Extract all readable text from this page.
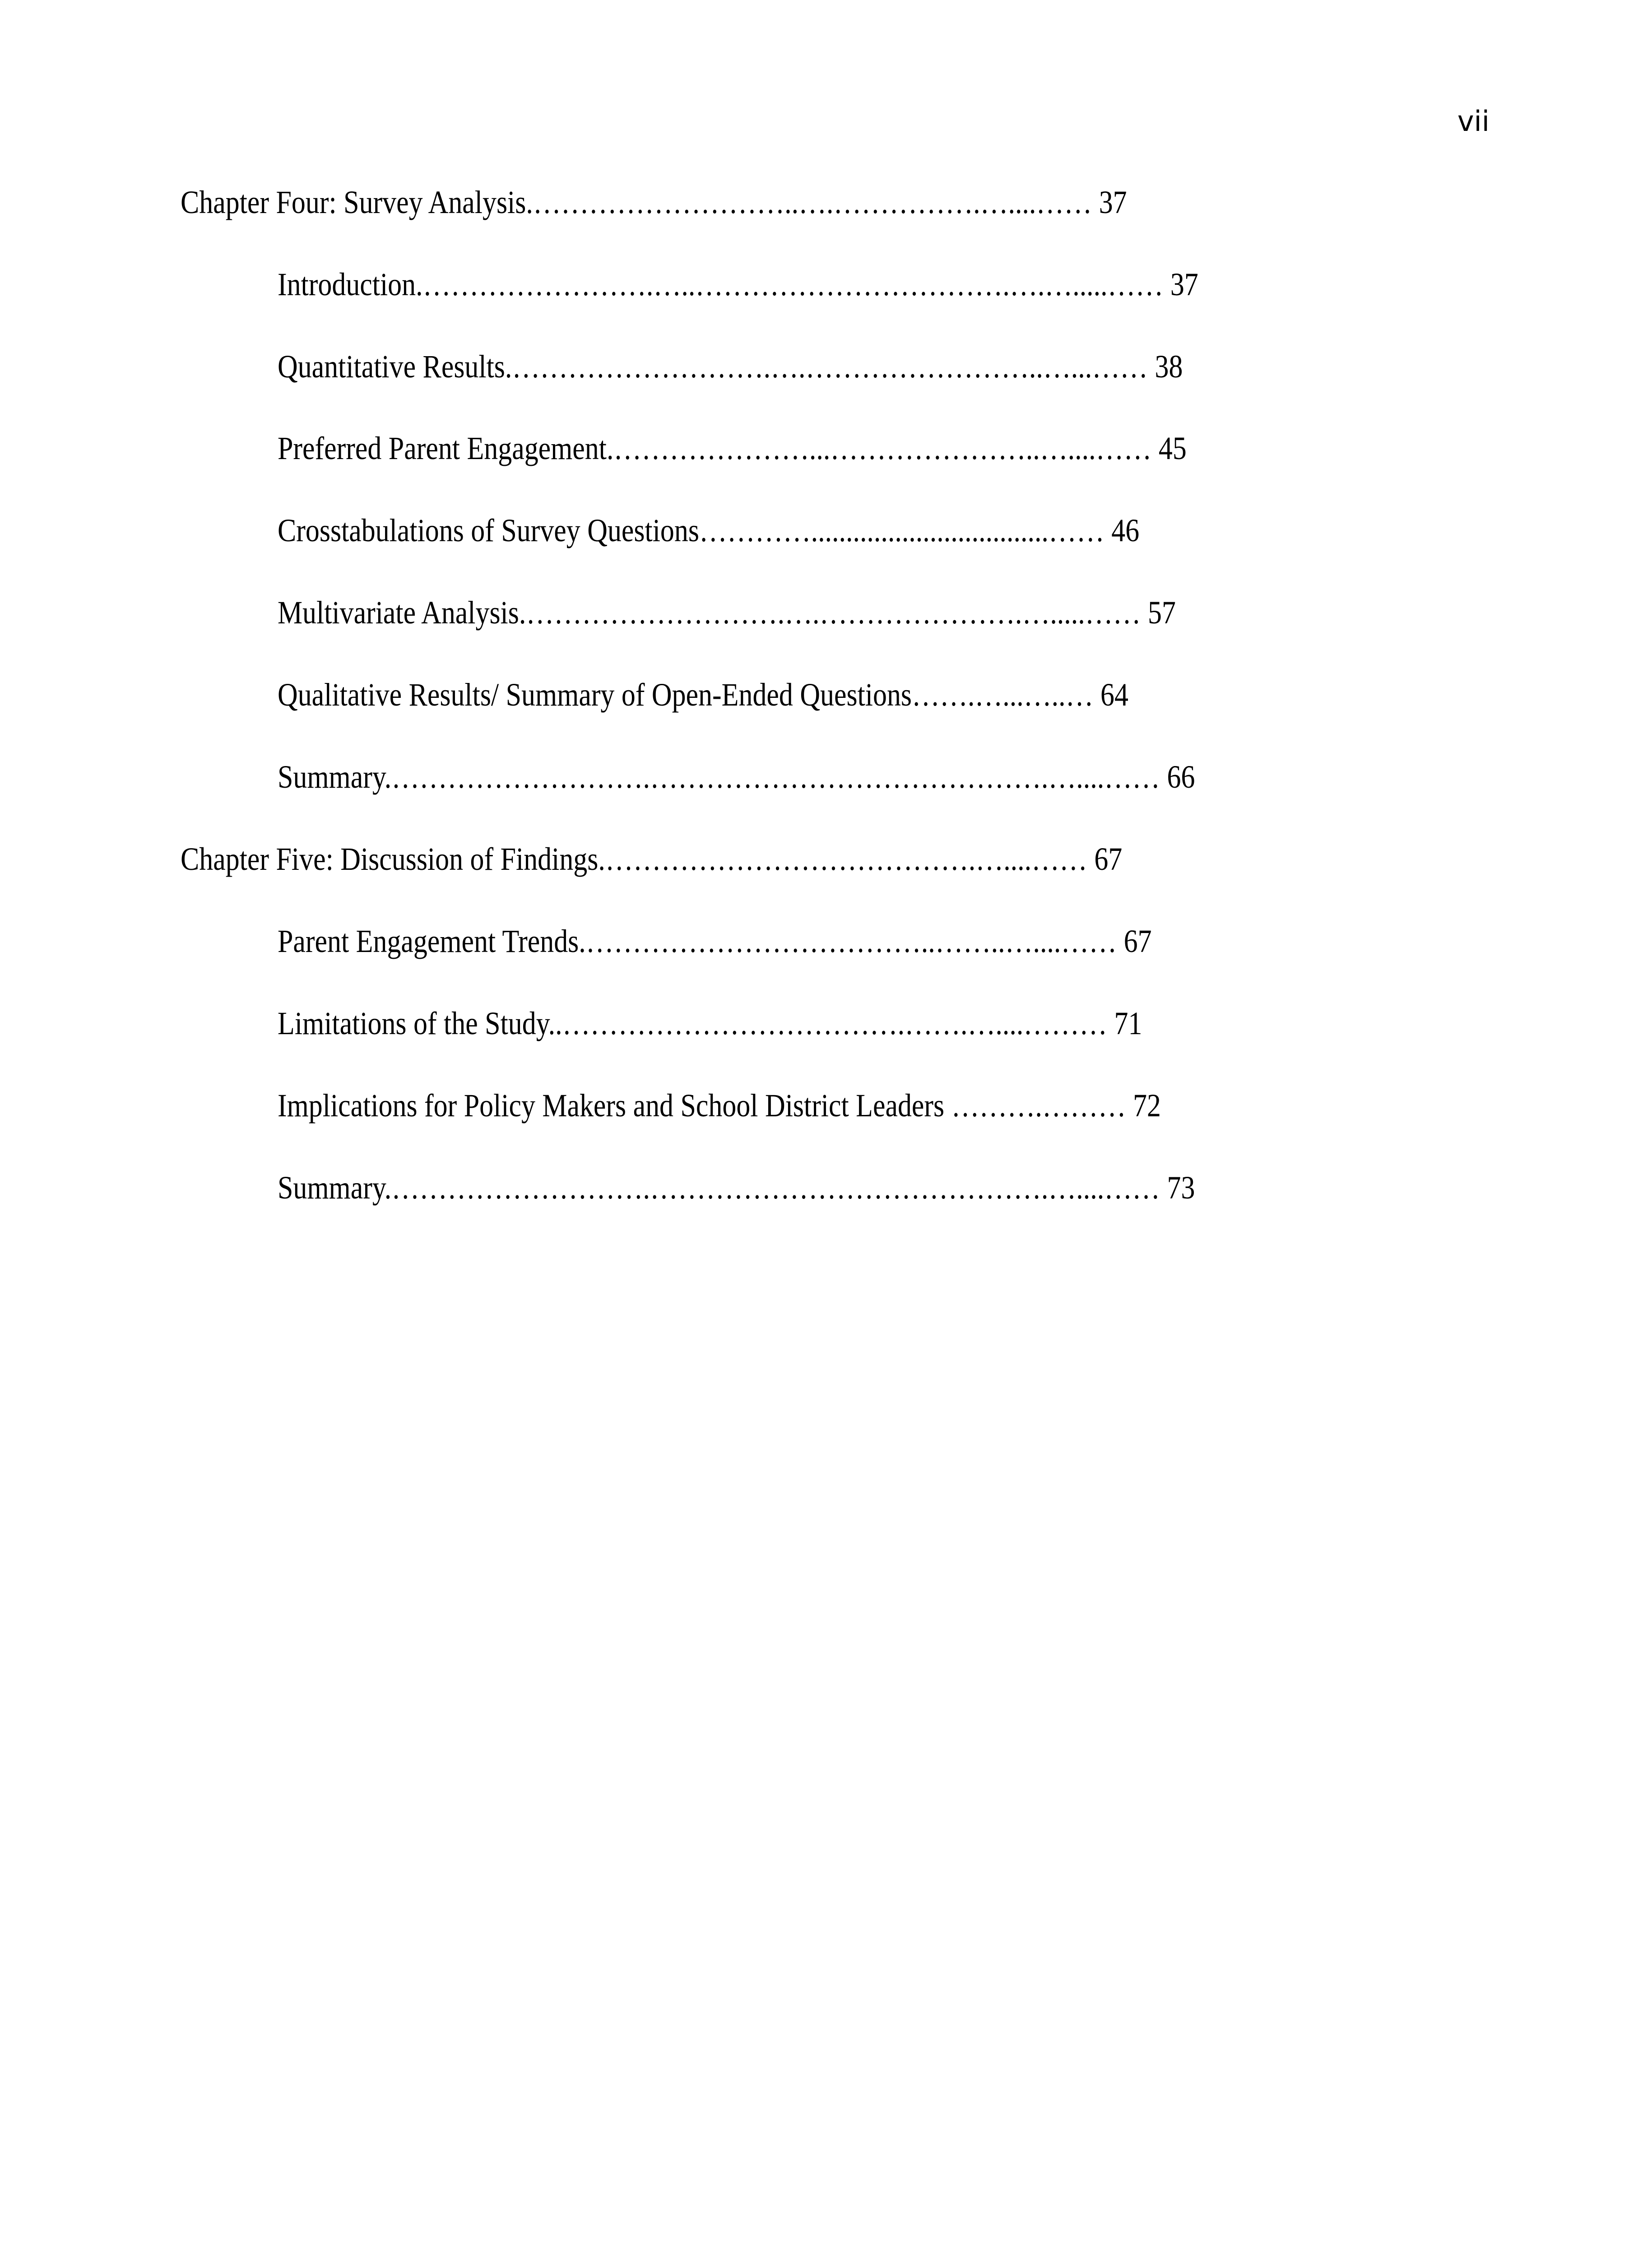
vii
Chapter Four: Survey Analysis.………………………..….…………….…....…… 37
Introduction.…………………….…..…………………………….….….....…… 37
Quantitative Results.……………………….….……………………..…...…… 38
Preferred Parent Engagement.…………………...…………………..…....…… 45
Crosstabulations of Survey Questions…………..................................…… 46
Multivariate Analysis.……………………….….………………….….....…… 57
Qualitative Results/ Summary of Open-Ended Questions…….…...…..… 64
Summary.……………………….…………………………………….…....…… 66
Chapter Five: Discussion of Findings.………………………………….…....…… 67
Parent Engagement Trends.………………………………..……..…....…… 67
Limitations of the Study..……………………………….…….…....……… 71
Implications for Policy Makers and School District Leaders ……….……… 72
Summary.……………………….…………………………………….…....…… 73
